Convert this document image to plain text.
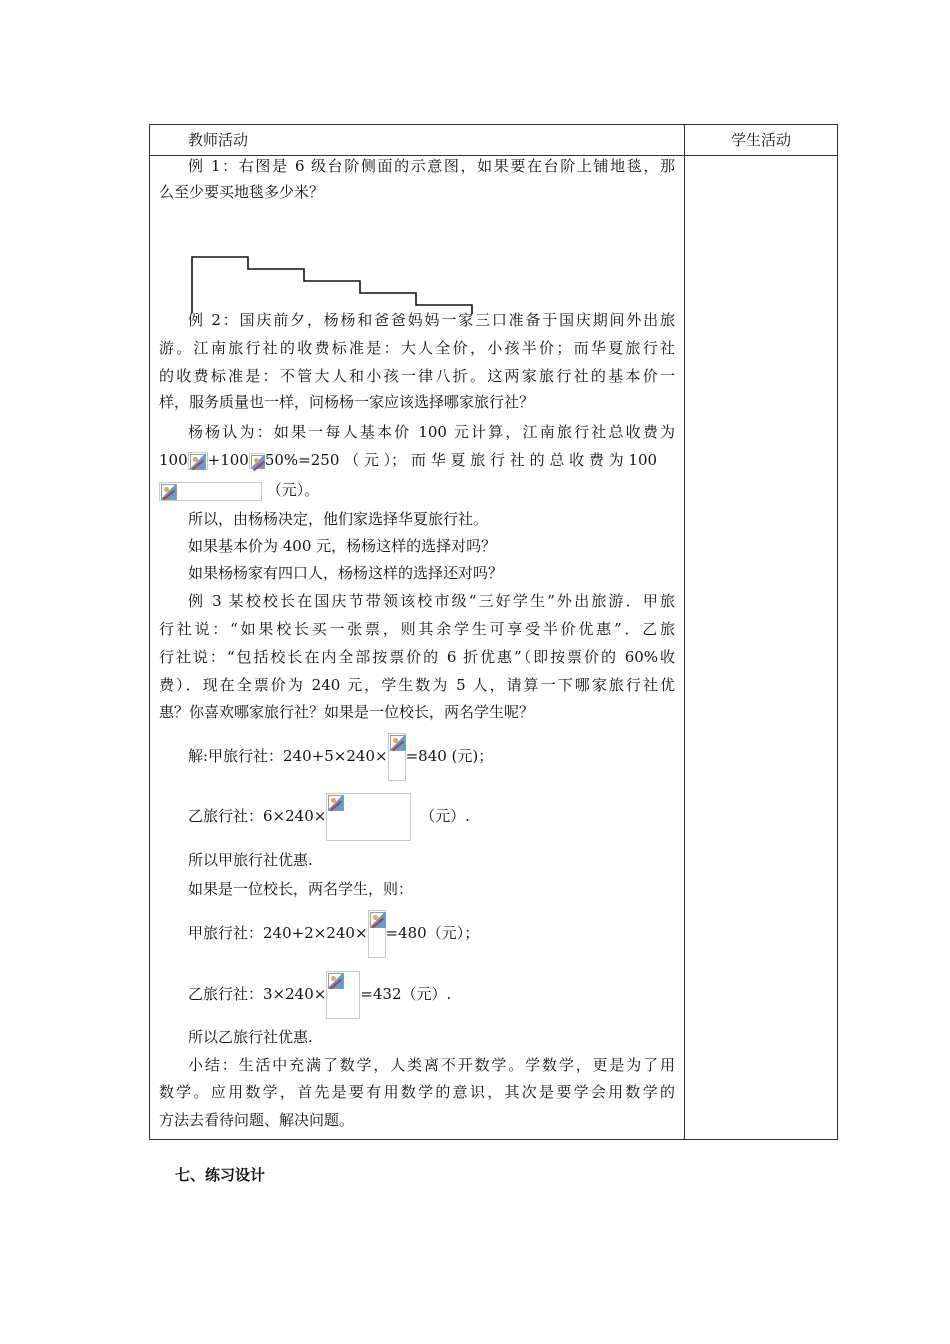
教师活动	学生活动
例 1：右图是 6 级台阶侧面的示意图，如果要在台阶上铺地毯，那
么至少要买地毯多少米？
例 2：国庆前夕，杨杨和爸爸妈妈一家三口准备于国庆期间外出旅
游。江南旅行社的收费标准是：大人全价，小孩半价；而华夏旅行社
的收费标准是：不管大人和小孩一律八折。这两家旅行社的基本价一
样，服务质量也一样，问杨杨一家应该选择哪家旅行社？
杨杨认为：如果一每人基本价 100 元计算，江南旅行社总收费为
100 +100 50%=250 （ 元 ）； 而 华 夏 旅 行 社 的 总 收 费 为 100
（元）。
所以，由杨杨决定，他们家选择华夏旅行社。
如果基本价为 400 元，杨杨这样的选择对吗？
如果杨杨家有四口人，杨杨这样的选择还对吗？
例 3 某校校长在国庆节带领该校市级“三好学生”外出旅游．甲旅
行社说：“如果校长买一张票，则其余学生可享受半价优惠”．乙旅
行社说：“包括校长在内全部按票价的 6 折优惠”（即按票价的 60%收
费）．现在全票价为 240 元，学生数为 5 人，请算一下哪家旅行社优
惠？你喜欢哪家旅行社？如果是一位校长，两名学生呢？
解:甲旅行社：240+5×240× =840 (元)；
乙旅行社：6×240×	（元）.
所以甲旅行社优惠.
如果是一位校长，两名学生，则：
甲旅行社：240+2×240× =480（元）；
乙旅行社：3×240× =432（元）.
所以乙旅行社优惠.
小结：生活中充满了数学，人类离不开数学。学数学，更是为了用
数学。应用数学，首先是要有用数学的意识，其次是要学会用数学的
方法去看待问题、解决问题。
七、练习设计
